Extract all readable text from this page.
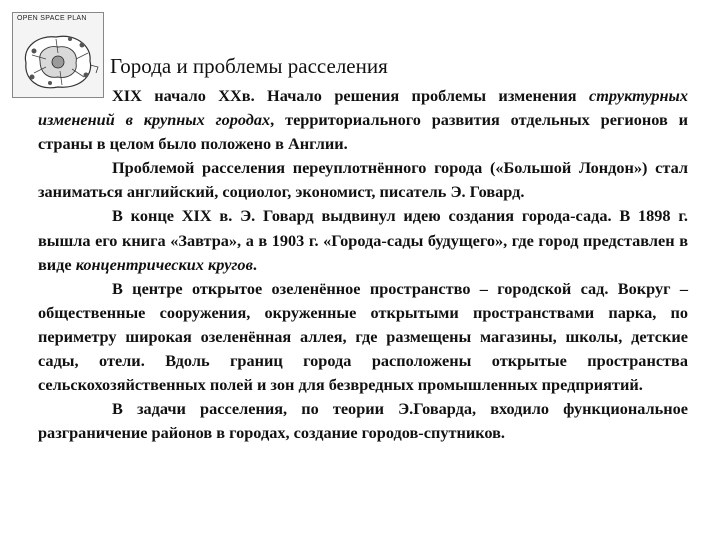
OPEN SPACE PLAN
Города и проблемы расселения

XIX начало XXв. Начало решения проблемы изменения структурных изменений в крупных городах, территориального развития отдельных регионов и страны в целом было положено в Англии.

Проблемой расселения переуплотнённого города («Большой Лондон») стал заниматься английский, социолог, экономист, писатель Э. Говард.

В конце XIX в. Э. Говард выдвинул идею создания города-сада. В 1898 г. вышла его книга «Завтра», а в 1903 г. «Города-сады будущего», где город представлен в виде концентрических кругов.

В центре открытое озеленённое пространство – городской сад. Вокруг – общественные сооружения, окруженные открытыми пространствами парка, по периметру широкая озеленённая аллея, где размещены магазины, школы, детские сады, отели. Вдоль границ города расположены открытые пространства сельскохозяйственных полей и зон для безвредных промышленных предприятий.

В задачи расселения, по теории Э.Говарда, входило функциональное разграничение районов в городах, создание городов-спутников.
